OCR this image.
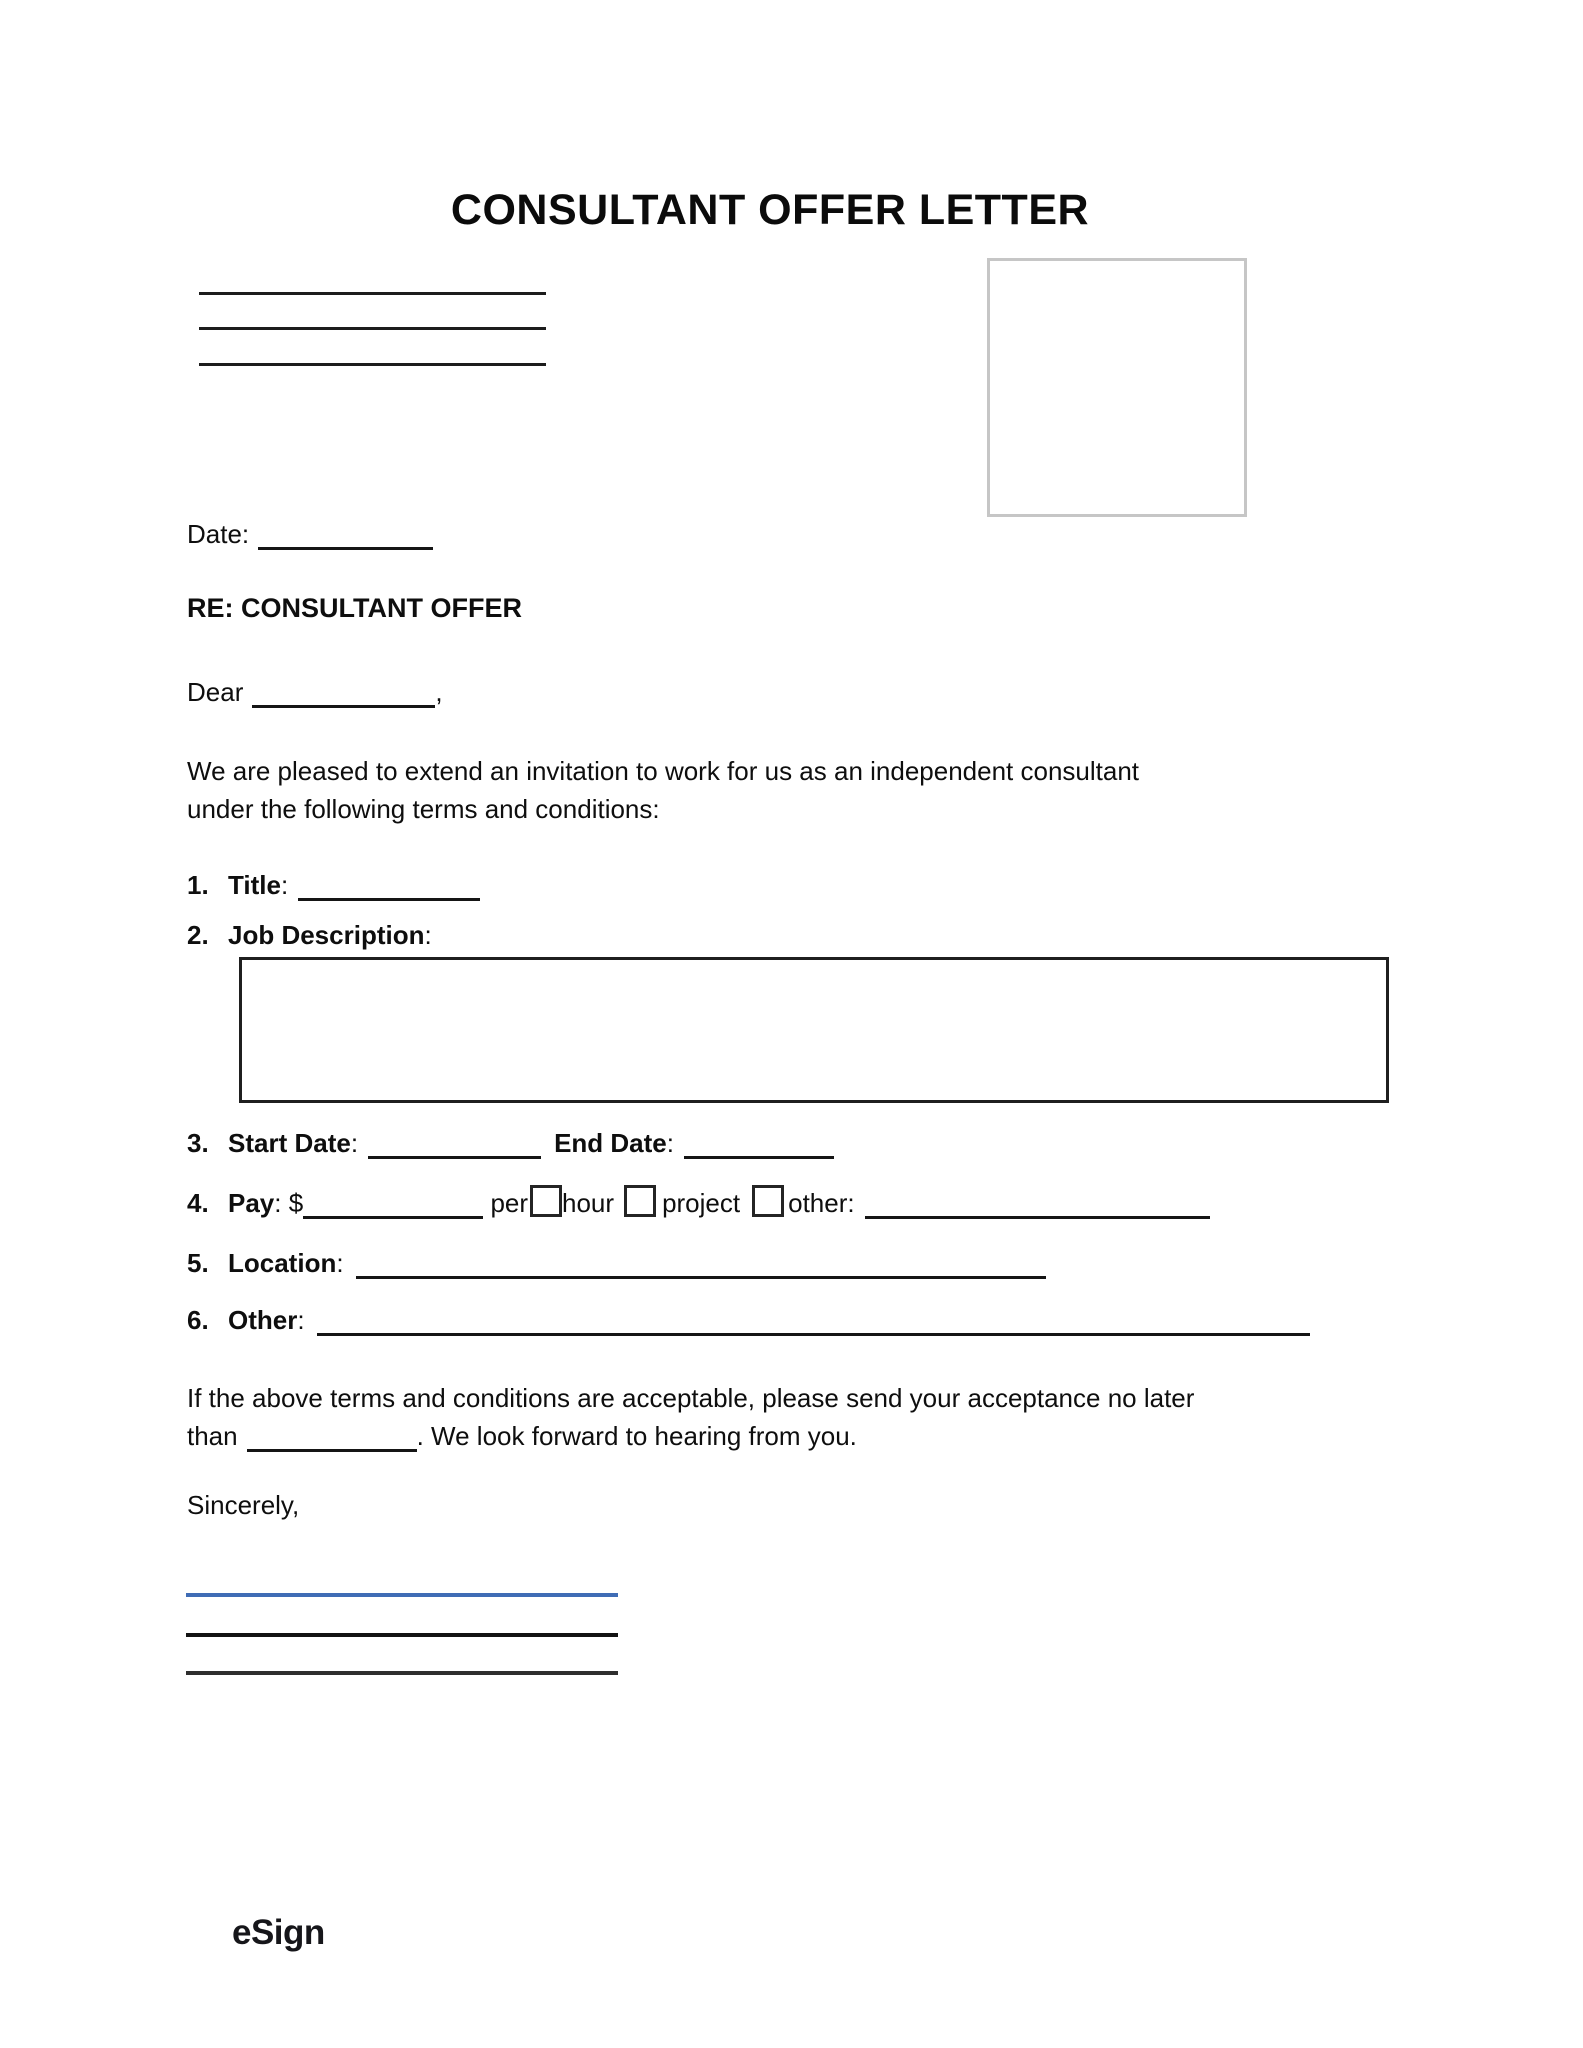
CONSULTANT OFFER LETTER
Date:
RE: CONSULTANT OFFER
Dear	,
We are pleased to extend an invitation to work for us as an independent consultant
under the following terms and conditions:
1. Title:
2. Job Description:
3. Start Date:	End Date:
4. Pay: $	per hour project other:
5. Location:
6. Other:
If the above terms and conditions are acceptable, please send your acceptance no later
than	. We look forward to hearing from you.
Sincerely,
eSign
